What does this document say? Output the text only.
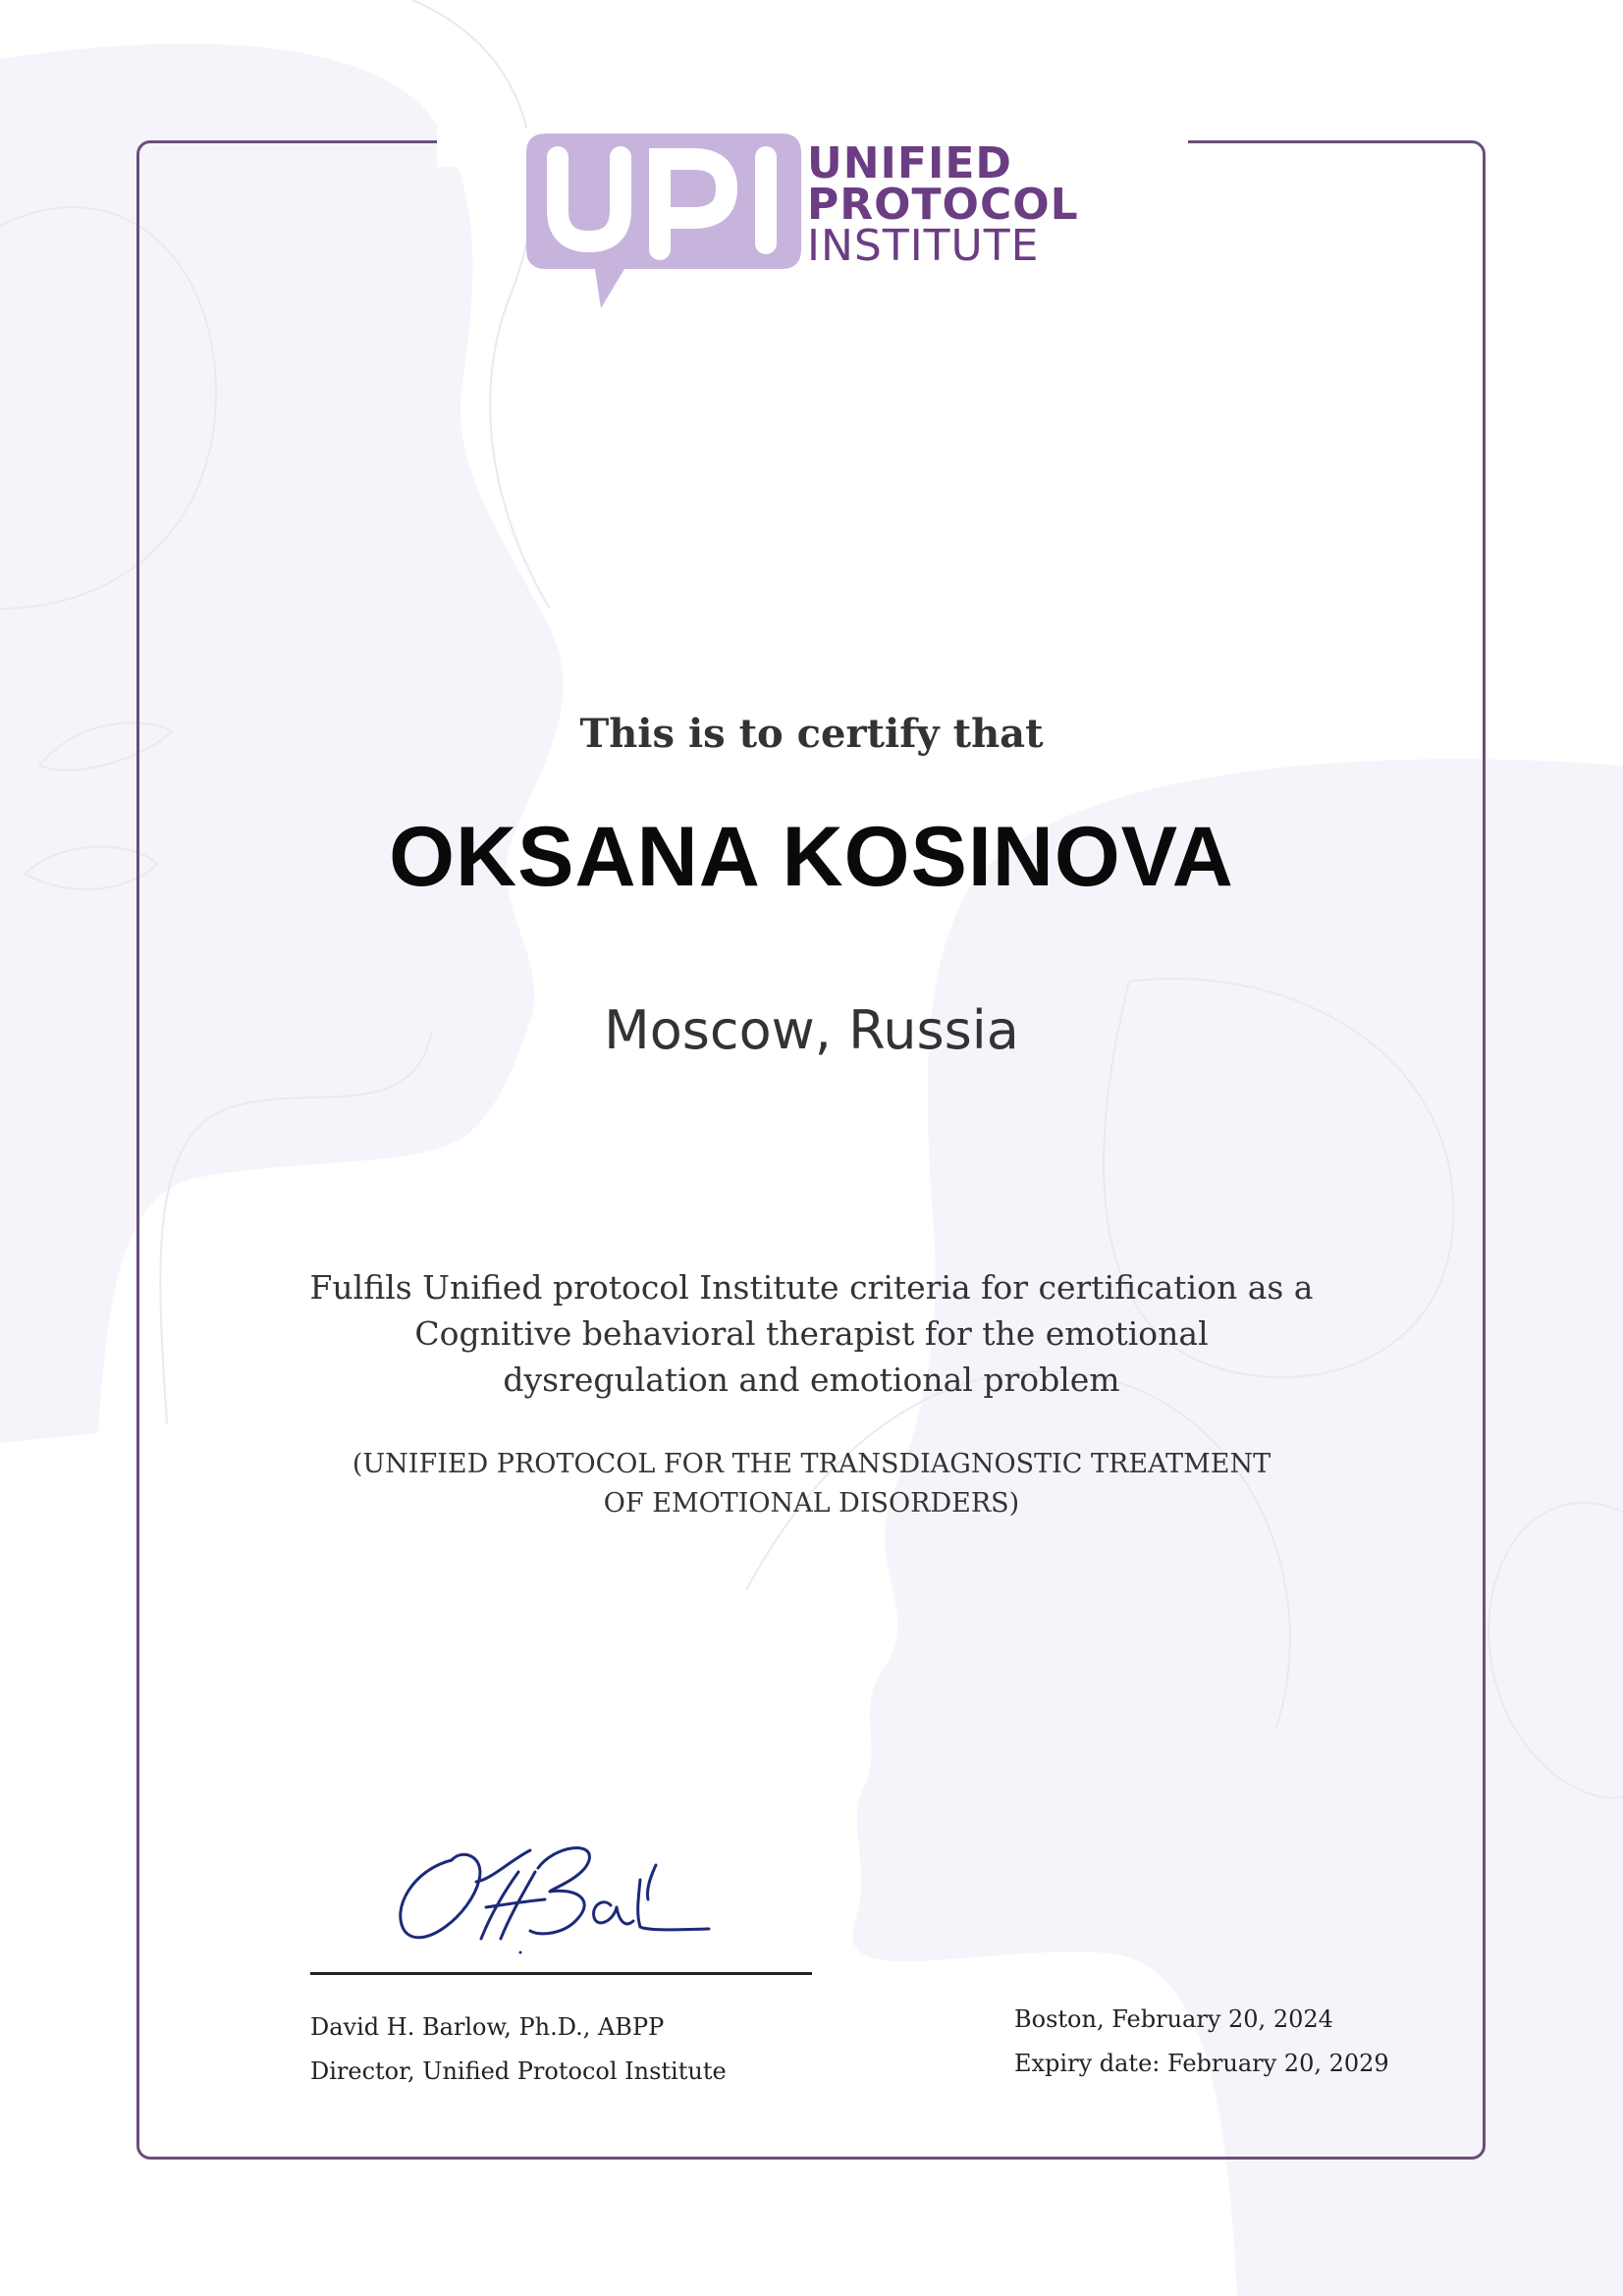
UNIFIED
PROTOCOL
INSTITUTE
This is to certify that
OKSANA KOSINOVA
Moscow, Russia
Fulfils Unified protocol Institute criteria for certification as a
Cognitive behavioral therapist for the emotional
dysregulation and emotional problem
(UNIFIED PROTOCOL FOR THE TRANSDIAGNOSTIC TREATMENT
OF EMOTIONAL DISORDERS)
David H. Barlow, Ph.D., ABPP
Director, Unified Protocol Institute
Boston, February 20, 2024
Expiry date: February 20, 2029
